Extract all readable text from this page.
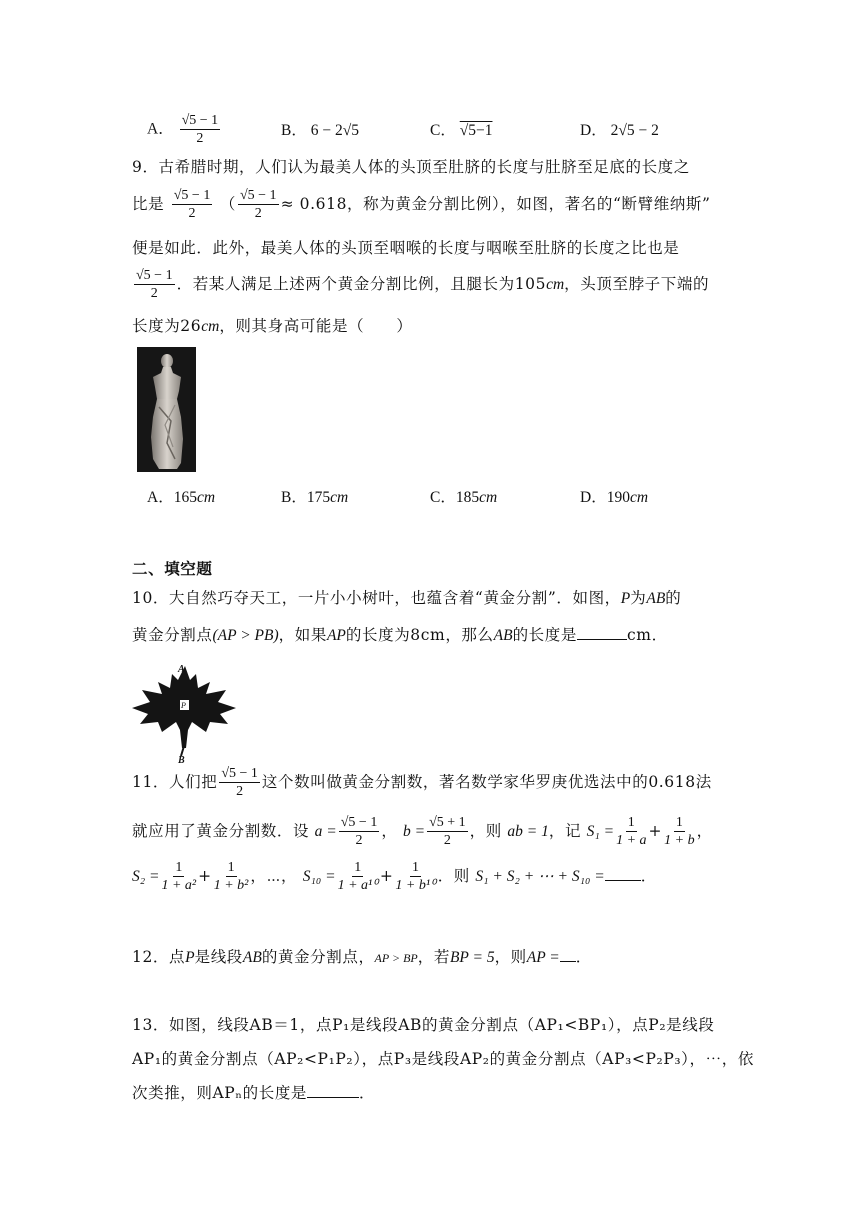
A． $\frac{√5 - 1}{2}$	B． 6 − 2√5	C． √5−1	D． 2√5 − 2
9．古希腊时期，人们认为最美人体的头顶至肚脐的长度与肚脐至足底的长度之
比是 $\frac{√5 - 1}{2}$ （ $\frac{√5 - 1}{2} \approx 0.618$，称为黄金分割比例），如图，著名的“断臂维纳斯”
便是如此．此外，最美人体的头顶至咽喉的长度与咽喉至肚脐的长度之比也是
$\frac{√5 - 1}{2}$ ．若某人满足上述两个黄金分割比例，且腿长为105cm，头顶至脖子下端的
长度为26cm，则其身高可能是（　　）
A．165cm	B．175cm	C．185cm	D．190cm
二、填空题
10．大自然巧夺天工，一片小小树叶，也蕴含着“黄金分割”．如图，P为AB的
黄金分割点(AP > PB)，如果AP的长度为8cm，那么AB的长度是	cm．
A
P
B
11．人们把 $\frac{√5 - 1}{2}$ 这个数叫做黄金分割数，著名数学家华罗庚优选法中的0.618法
就应用了黄金分割数．设 $a = \frac{√5 - 1}{2}$ ， $b = \frac{√5 + 1}{2}$ ，则 ab = 1，记 $S_1 = \frac{1}{1 + a} + \frac{1}{1 + b}$ ，
$S_2 = \frac{1}{\text{1 + a²}} + \frac{1}{\text{1 + b²}}$ ，⋯， $S_{10} = \frac{1}{\text{1 + a¹⁰}} + \frac{1}{\text{1 + b¹⁰}}$ ．则 S₁ + S₂ + ⋯ + S₁₀ = ．
12．点P是线段AB的黄金分割点，AP > BP，若BP = 5，则AP = ．
13．如图，线段AB＝1，点P₁是线段AB的黄金分割点（AP₁<BP₁），点P₂是线段
AP₁的黄金分割点（AP₂<P₁P₂），点P₃是线段AP₂的黄金分割点（AP₃<P₂P₃），⋯，依
次类推，则APₙ的长度是	．
